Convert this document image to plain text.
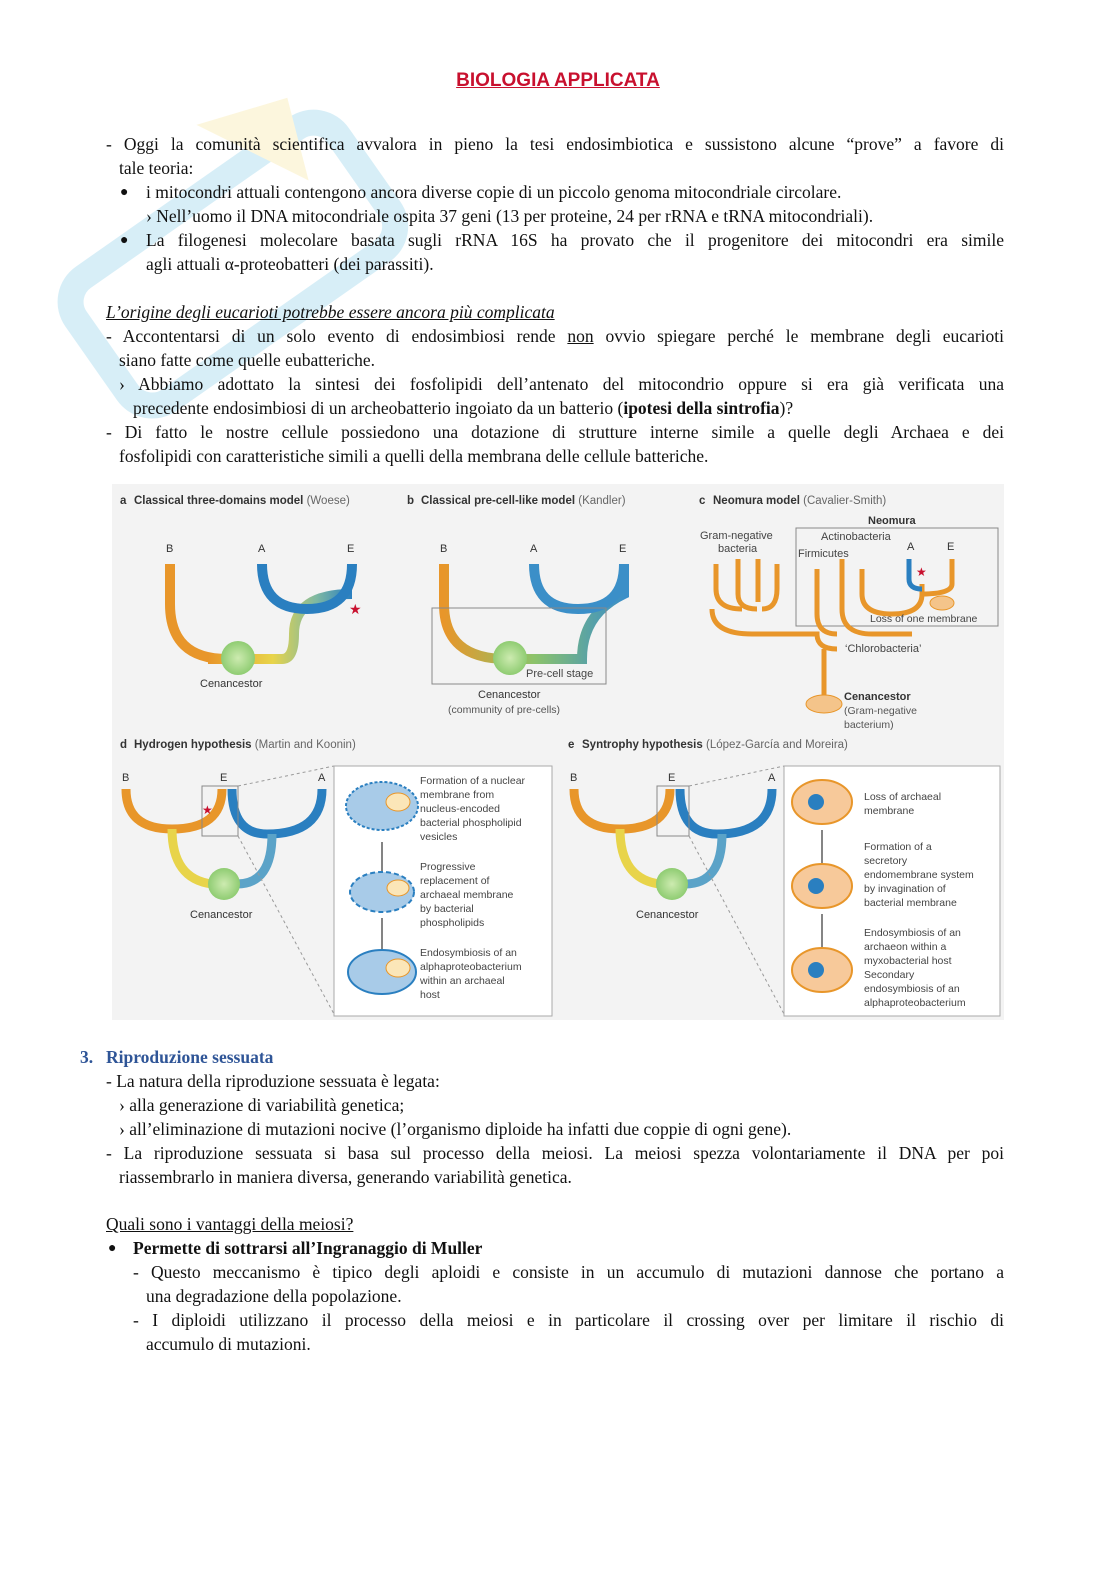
BIOLOGIA APPLICATA
- Oggi la comunità scientifica avvalora in pieno la tesi endosimbiotica e sussistono alcune “prove” a favore di
tale teoria:
● i mitocondri attuali contengono ancora diverse copie di un piccolo genoma mitocondriale circolare.
› Nell’uomo il DNA mitocondriale ospita 37 geni (13 per proteine, 24 per rRNA e tRNA mitocondriali).
● La filogenesi molecolare basata sugli rRNA 16S ha provato che il progenitore dei mitocondri era simile
agli attuali α-proteobatteri (dei parassiti).
L’origine degli eucarioti potrebbe essere ancora più complicata
- Accontentarsi di un solo evento di endosimbiosi rende non ovvio spiegare perché le membrane degli eucarioti
siano fatte come quelle eubatteriche.
› Abbiamo adottato la sintesi dei fosfolipidi dell’antenato del mitocondrio oppure si era già verificata una
precedente endosimbiosi di un archeobatterio ingoiato da un batterio (ipotesi della sintrofia)?
- Di fatto le nostre cellule possiedono una dotazione di strutture interne simile a quelle degli Archaea e dei
fosfolipidi con caratteristiche simili a quelli della membrana delle cellule batteriche.
a Classical three-domains model (Woese)
B	A	E
★
Cenancestor
b Classical pre-cell-like model (Kandler)
B	A	E
Pre-cell stage
Cenancestor
(community of pre-cells)
c Neomura model (Cavalier-Smith)
Neomura
Gram-negative
bacteria
Actinobacteria
Firmicutes
A	E
★
Loss of one membrane
‘Chlorobacteria’
Cenancestor
(Gram-negative
bacterium)
d Hydrogen hypothesis (Martin and Koonin)
B	E	A
★
Cenancestor
Formation of a nuclear membrane from nucleus-encoded bacterial phospholipid vesicles
Progressive replacement of archaeal membrane by bacterial phospholipids
Endosymbiosis of an alphaproteobacterium within an archaeal host
e Syntrophy hypothesis (López-García and Moreira)
B	E	A
Cenancestor
Loss of archaeal membrane
Formation of a secretory endomembrane system by invagination of bacterial membrane
Endosymbiosis of an archaeon within a myxobacterial host Secondary endosymbiosis of an alphaproteobacterium
3. Riproduzione sessuata
- La natura della riproduzione sessuata è legata:
› alla generazione di variabilità genetica;
› all’eliminazione di mutazioni nocive (l’organismo diploide ha infatti due coppie di ogni gene).
- La riproduzione sessuata si basa sul processo della meiosi. La meiosi spezza volontariamente il DNA per poi
riassembrarlo in maniera diversa, generando variabilità genetica.
Quali sono i vantaggi della meiosi?
● Permette di sottrarsi all’Ingranaggio di Muller
- Questo meccanismo è tipico degli aploidi e consiste in un accumulo di mutazioni dannose che portano a
una degradazione della popolazione.
- I diploidi utilizzano il processo della meiosi e in particolare il crossing over per limitare il rischio di
accumulo di mutazioni.
